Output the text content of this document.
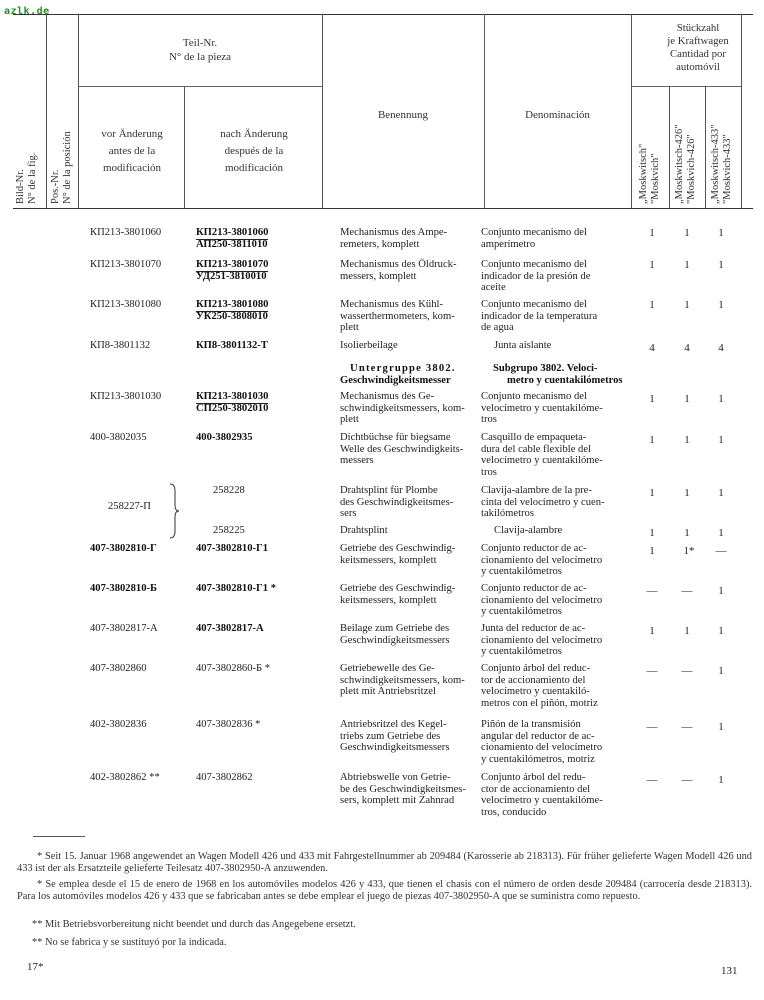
azlk.de
Bild-Nr. N° de la fig. Pos.-Nr. N° de la posición
Teil-Nr.
N° de la pieza
vor Änderung
antes de la
modificación
nach Änderung
después de la
modificación
Benennung	Denominación
Stückzahl
je Kraftwagen
Cantidad por
automóvil
„Moskwitsch" "Moskvich" „Moskwitsch-426" "Moskvich-426" „Moskwitsch-433" "Moskvich-433"
КП213-3801060	КП213-3801060
АП250-3811010
Mechanismus des Ampe-
remeters, komplett
Conjunto mecanismo del
amperímetro
1	1	1
КП213-3801070	КП213-3801070
УД251-3810010
Mechanismus des Öldruck-
messers, komplett
Conjunto mecanismo del
indicador de la presión de
aceite
1	1	1
КП213-3801080	КП213-3801080
УК250-3808010
Mechanismus des Kühl-
wasserthermometers, kom-
plett
Conjunto mecanismo del
indicador de la temperatura
de agua
1	1	1
КП8-3801132	КП8-3801132-Т	Isolierbeilage	Junta aislante	4	4	4
Untergruppe 3802.
Geschwindigkeitsmesser
Subgrupo 3802. Veloci-
metro y cuentakilómetros
КП213-3801030	КП213-3801030
СП250-3802010
Mechanismus des Ge-
schwindigkeitsmessers, kom-
plett
Conjunto mecanismo del
velocímetro y cuentakilóme-
tros
1	1	1
400-3802035	400-3802935	Dichtbüchse für biegsame
Welle des Geschwindigkeits-
messers
Casquillo de empaqueta-
dura del cable flexible del
velocímetro y cuentakilóme-
tros
1	1	1
258227-П
258228	Drahtsplint für Plombe
des Geschwindigkeitsmes-
sers
Clavija-alambre de la pre-
cinta del velocímetro y cuen-
takilómetros
1	1	1
258225	Drahtsplint	Clavija-alambre	1	1	1
407-3802810-Г	407-3802810-Г1	Getriebe des Geschwindig-
keitsmessers, komplett
Conjunto reductor de ac-
cionamiento del velocímetro
y cuentakilómetros
1	1*	—
407-3802810-Б	407-3802810-Г1 *	Getriebe des Geschwindig-
keitsmessers, komplett
Conjunto reductor de ac-
cionamiento del velocímetro
y cuentakilómetros
—	—	1
407-3802817-А	407-3802817-А	Beilage zum Getriebe des
Geschwindigkeitsmessers
Junta del reductor de ac-
cionamiento del velocímetro
y cuentakilómetros
1	1	1
407-3802860	407-3802860-Б *	Getriebewelle des Ge-
schwindigkeitsmessers, kom-
plett mit Antriebsritzel
Conjunto árbol del reduc-
tor de accionamiento del
velocímetro y cuentakiló-
metros con el piñón, motriz
—	—	1
402-3802836	407-3802836 *	Antriebsritzel des Kegel-
triebs zum Getriebe des
Geschwindigkeitsmessers
Piñón de la transmisión
angular del reductor de ac-
cionamiento del velocímetro
y cuentakilómetros, motriz
—	—	1
402-3802862 **	407-3802862	Abtriebswelle von Getrie-
be des Geschwindigkeitsmes-
sers, komplett mit Zahnrad
Conjunto árbol del redu-
ctor de accionamiento del
velocímetro y cuentakilóme-
tros, conducido
—	—	1
* Seit 15. Januar 1968 angewendet an Wagen Modell 426 und 433 mit Fahrgestellnummer ab 209484 (Karosserie ab 218313). Für früher gelieferte Wagen Modell 426 und 433 ist der als Ersatzteile gelieferte Teilesatz 407-3802950-A anzuwenden.
* Se emplea desde el 15 de enero de 1968 en los automóviles modelos 426 y 433, que tienen el chasis con el número de orden desde 209484 (carrocería desde 218313). Para los automóviles modelos 426 y 433 que se fabricaban antes se debe emplear el juego de piezas 407-3802950-A que se suministra como repuesto.
** Mit Betriebsvorbereitung nicht beendet und durch das Angegebene ersetzt.
** No se fabrica y se sustituyó por la indicada.
17*	131
